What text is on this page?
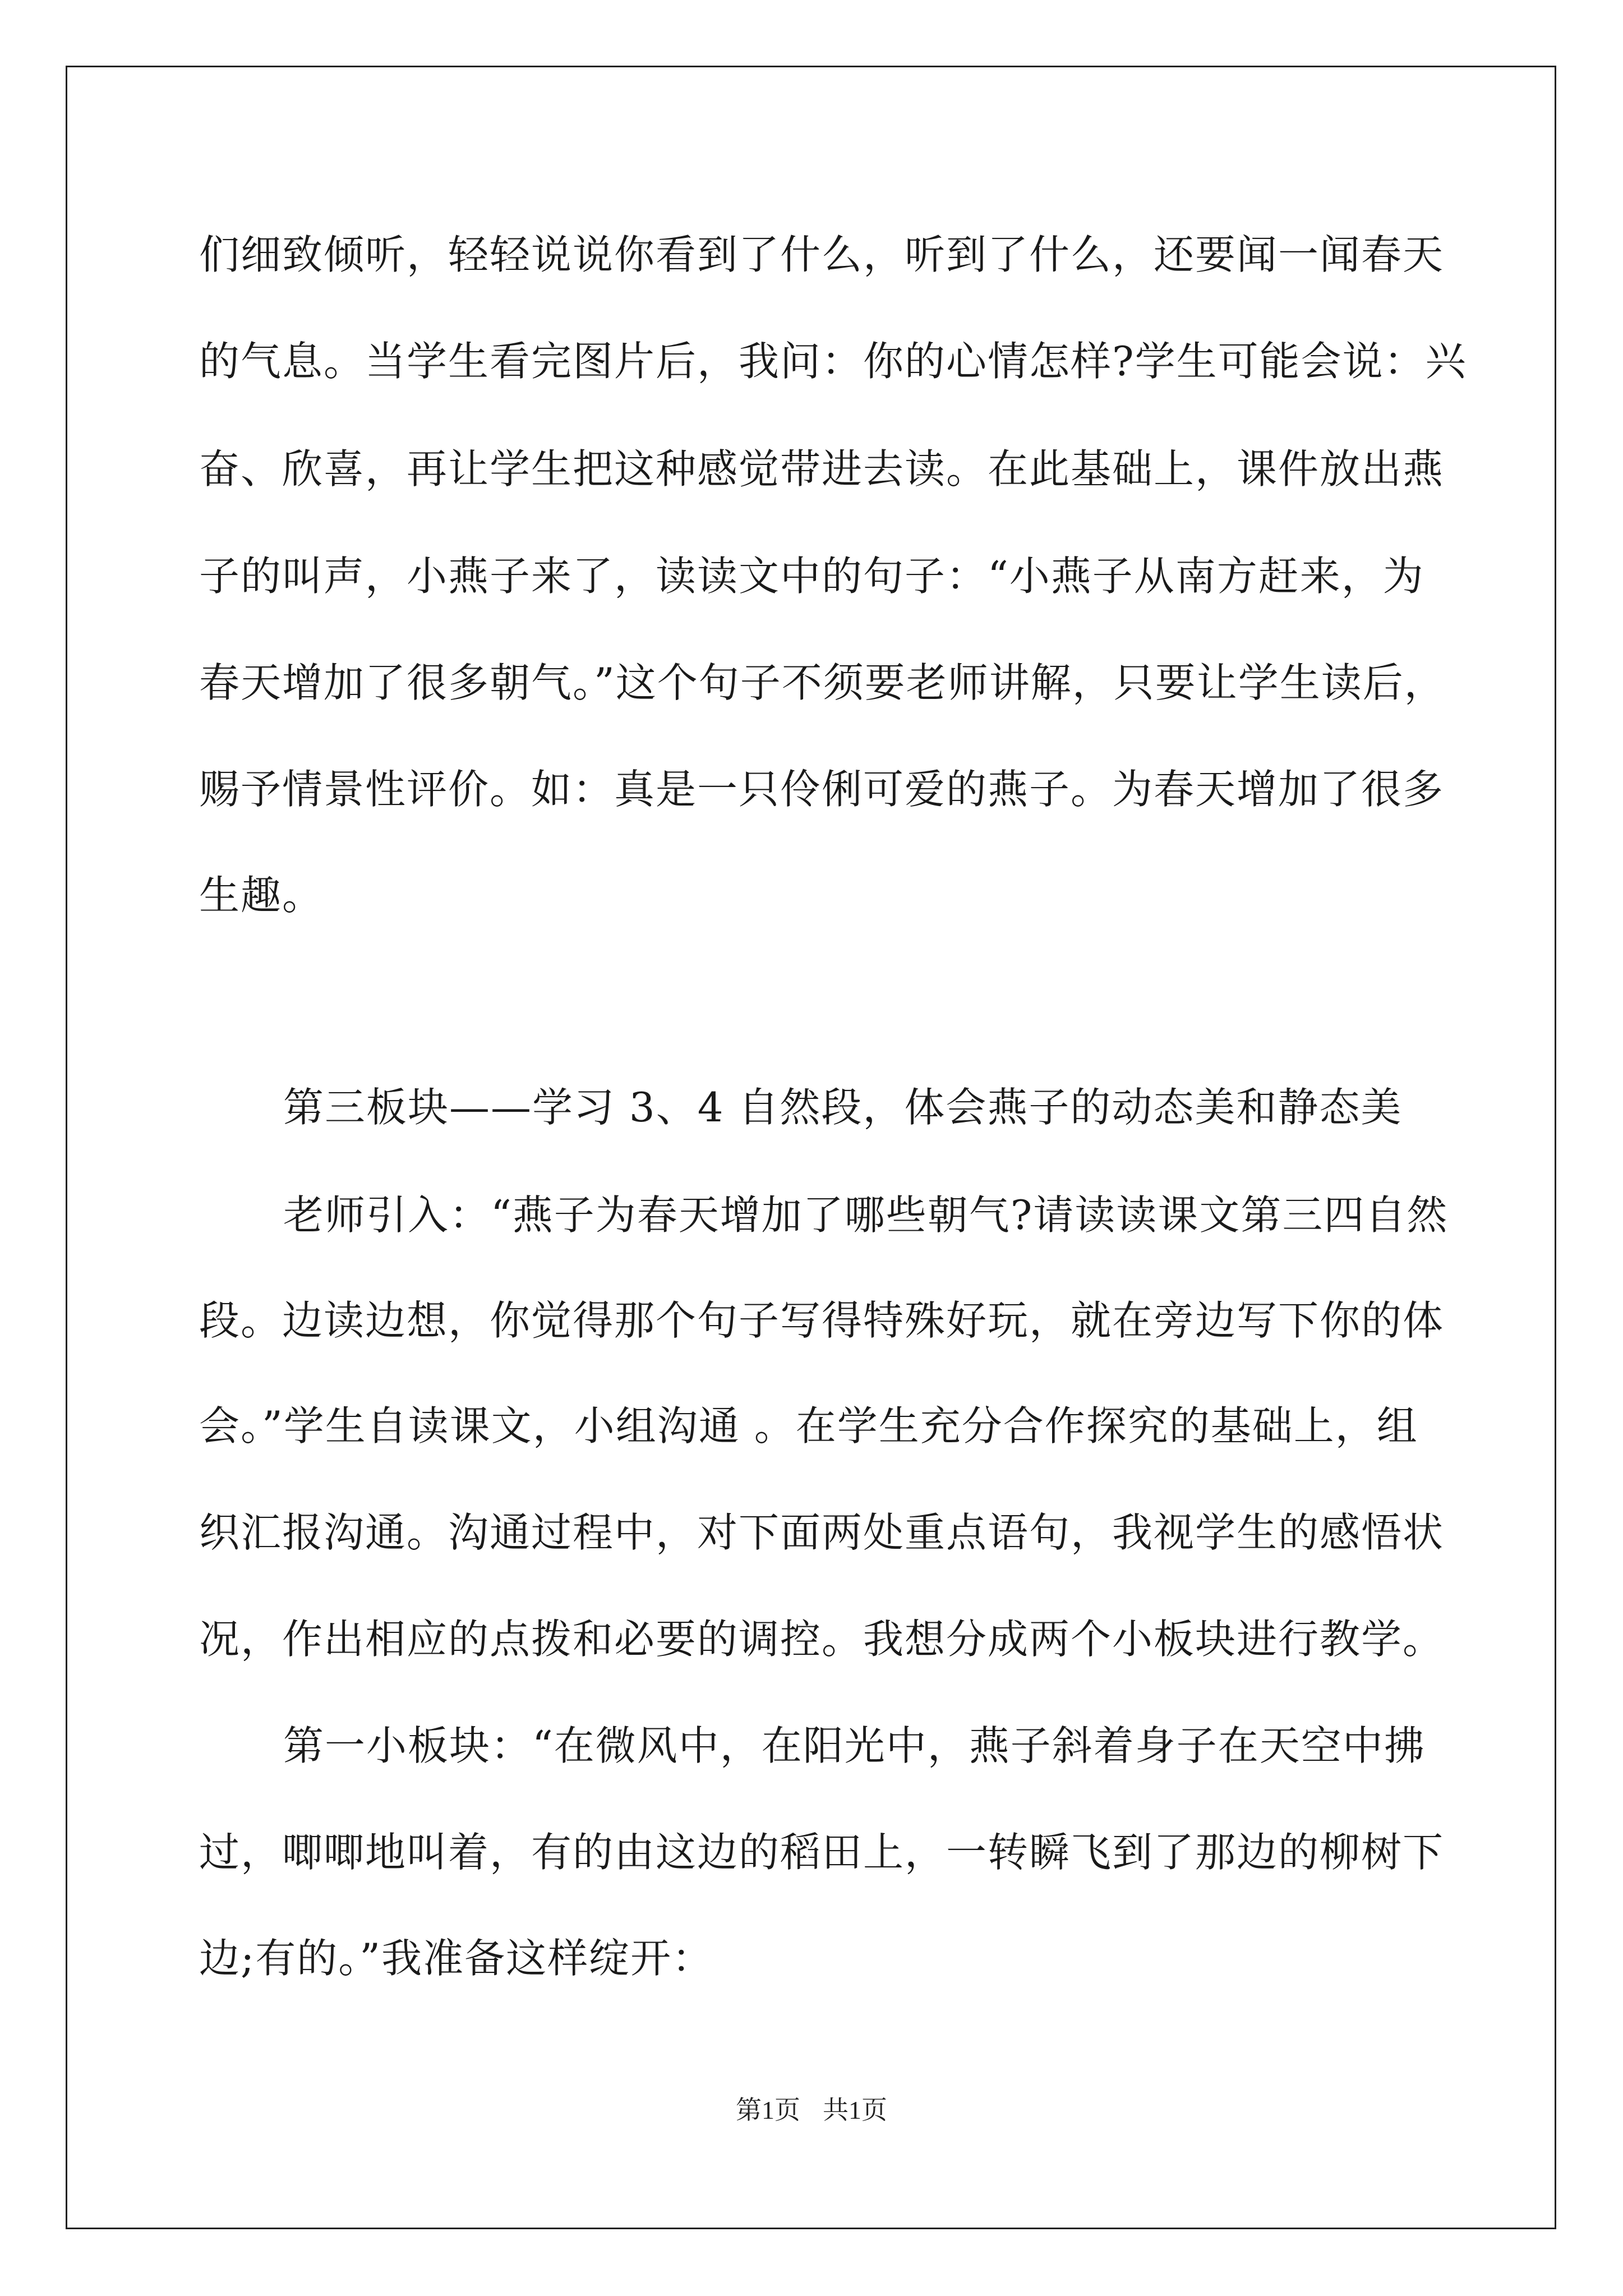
们细致倾听，轻轻说说你看到了什么，听到了什么，还要闻一闻春天
的气息。当学生看完图片后，我问：你的心情怎样?学生可能会说：兴
奋、欣喜，再让学生把这种感觉带进去读。在此基础上，课件放出燕
子的叫声，小燕子来了，读读文中的句子：“小燕子从南方赶来，为
春天增加了很多朝气。”这个句子不须要老师讲解，只要让学生读后，
赐予情景性评价。如：真是一只伶俐可爱的燕子。为春天增加了很多
生趣。
第三板块——学习 3、4 自然段，体会燕子的动态美和静态美
老师引入：“燕子为春天增加了哪些朝气?请读读课文第三四自然
段。边读边想，你觉得那个句子写得特殊好玩，就在旁边写下你的体
会。”学生自读课文，小组沟通 。在学生充分合作探究的基础上，组
织汇报沟通。沟通过程中，对下面两处重点语句，我视学生的感悟状
况，作出相应的点拨和必要的调控。我想分成两个小板块进行教学。
第一小板块：“在微风中，在阳光中，燕子斜着身子在天空中拂
过，唧唧地叫着，有的由这边的稻田上，一转瞬飞到了那边的柳树下
边;有的。”我准备这样绽开：
第1页 共1页
